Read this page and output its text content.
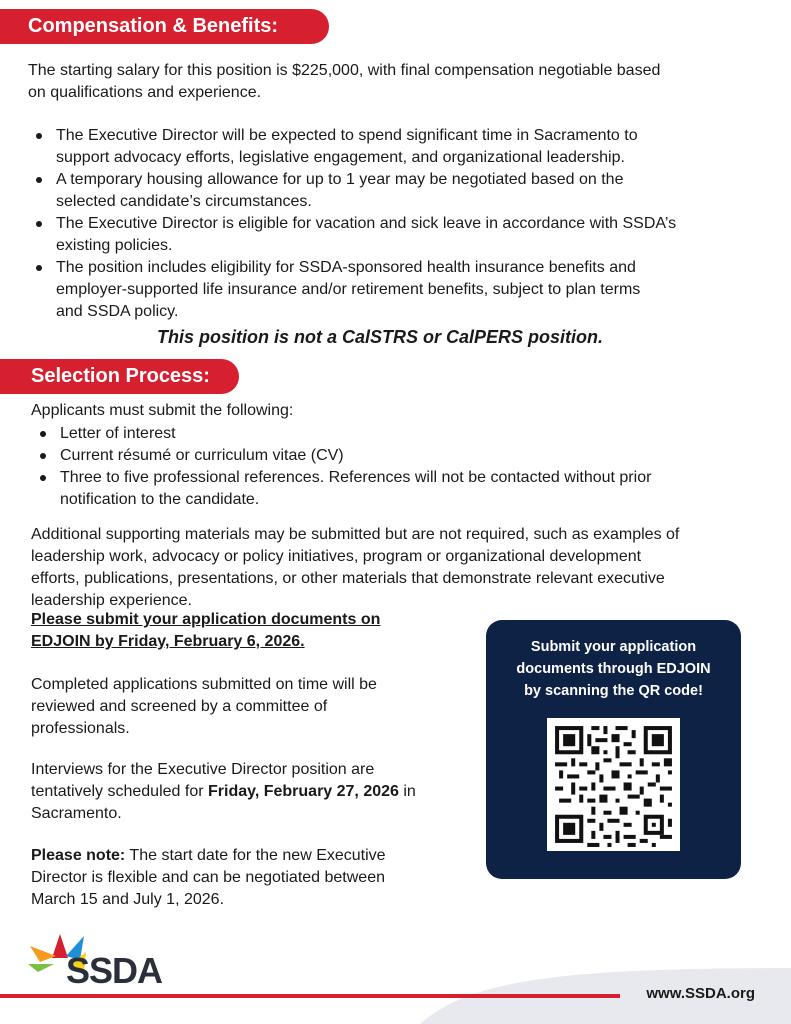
Compensation & Benefits:

The starting salary for this position is $225,000, with final compensation negotiable based
on qualifications and experience.

The Executive Director will be expected to spend significant time in Sacramento to
support advocacy efforts, legislative engagement, and organizational leadership.
A temporary housing allowance for up to 1 year may be negotiated based on the
selected candidate’s circumstances.
The Executive Director is eligible for vacation and sick leave in accordance with SSDA’s
existing policies.
The position includes eligibility for SSDA-sponsored health insurance benefits and
employer-supported life insurance and/or retirement benefits, subject to plan terms
and SSDA policy.

This position is not a CalSTRS or CalPERS position.

Selection Process:

Applicants must submit the following:

Letter of interest
Current résumé or curriculum vitae (CV)
Three to five professional references. References will not be contacted without prior
notification to the candidate.

Additional supporting materials may be submitted but are not required, such as examples of
leadership work, advocacy or policy initiatives, program or organizational development
efforts, publications, presentations, or other materials that demonstrate relevant executive
leadership experience.

Please submit your application documents on
EDJOIN by Friday, February 6, 2026.

Completed applications submitted on time will be
reviewed and screened by a committee of
professionals.

Interviews for the Executive Director position are
tentatively scheduled for Friday, February 27, 2026 in
Sacramento.

Please note: The start date for the new Executive
Director is flexible and can be negotiated between
March 15 and July 1, 2026.

Submit your application
documents through EDJOIN
by scanning the QR code!

SSDA
www.SSDA.org
